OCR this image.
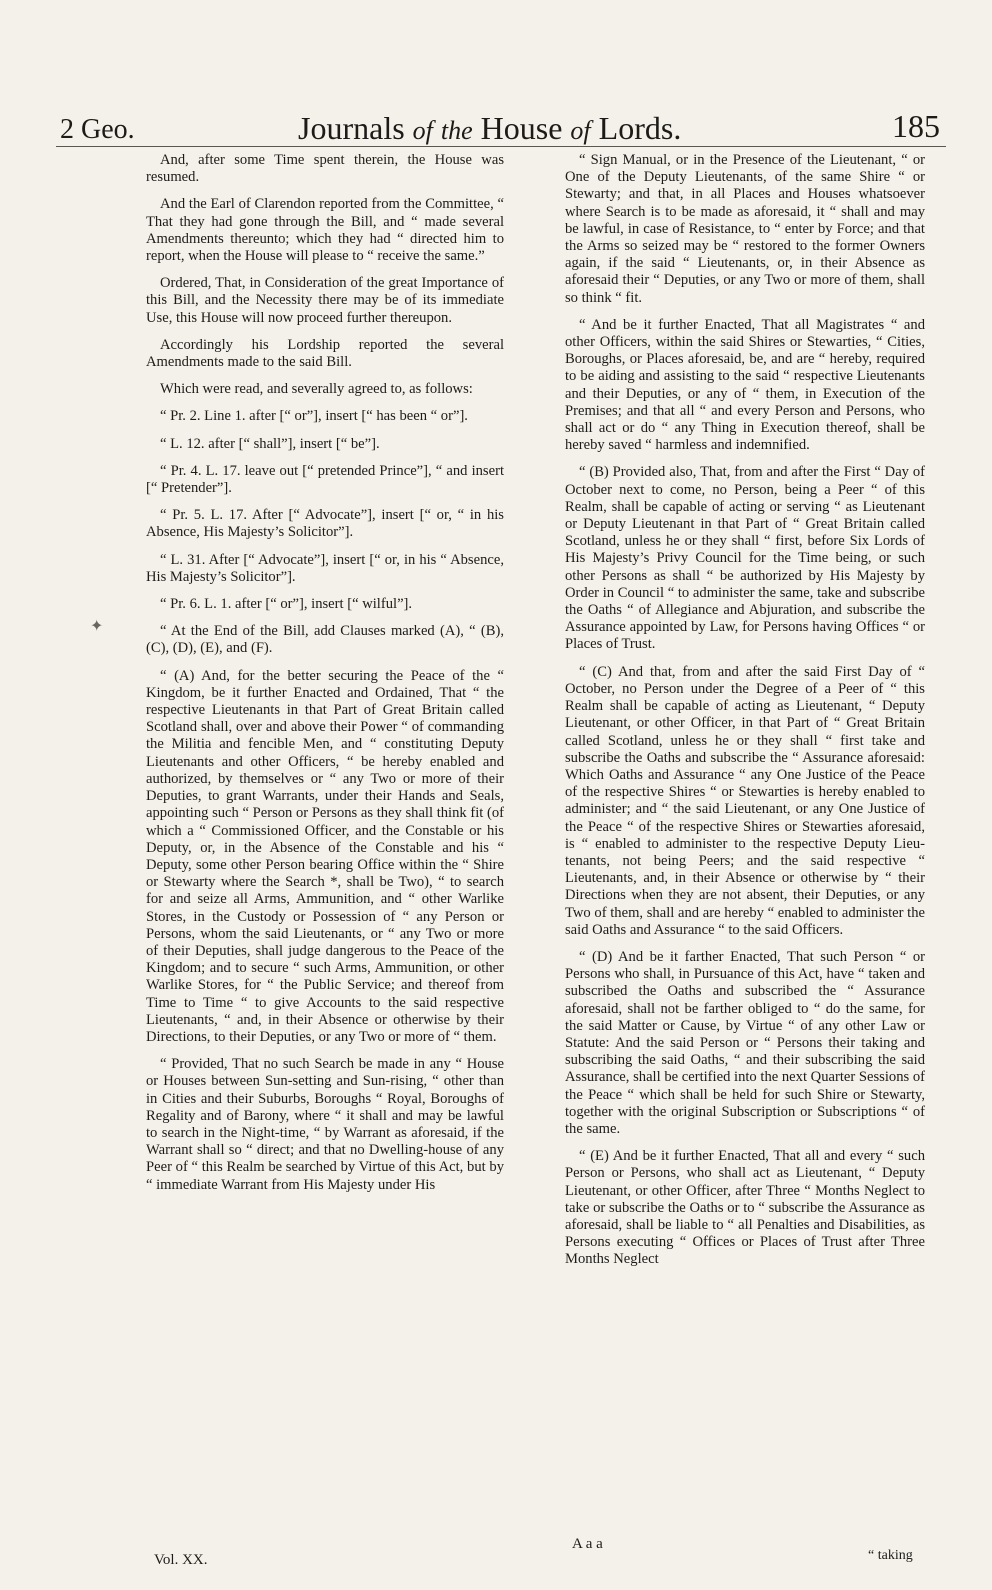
2 Geo.	Journals of the House of Lords.	185

And, after some Time spent therein, the House was resumed.

And the Earl of Clarendon reported from the Committee, “ That they had gone through the Bill, and “ made several Amendments thereunto; which they had “ directed him to report, when the House will please to “ receive the same.”

Ordered, That, in Consideration of the great Importance of this Bill, and the Necessity there may be of its immediate Use, this House will now proceed further thereupon.

Accordingly his Lordship reported the several Amendments made to the said Bill.

Which were read, and severally agreed to, as follows:

“ Pr. 2. Line 1. after [“ or”], insert [“ has been “ or”].

“ L. 12. after [“ shall”], insert [“ be”].

“ Pr. 4. L. 17. leave out [“ pretended Prince”], “ and insert [“ Pretender”].

“ Pr. 5. L. 17. After [“ Advocate”], insert [“ or, “ in his Absence, His Majesty’s Solicitor”].

“ L. 31. After [“ Advocate”], insert [“ or, in his “ Absence, His Majesty’s Solicitor”].

“ Pr. 6. L. 1. after [“ or”], insert [“ wilful”].

“ At the End of the Bill, add Clauses marked (A), “ (B), (C), (D), (E), and (F).

“ (A) And, for the better securing the Peace of the “ Kingdom, be it further Enacted and Ordained, That “ the respective Lieutenants in that Part of Great Britain called Scotland shall, over and above their Power “ of commanding the Militia and fencible Men, and “ constituting Deputy Lieutenants and other Officers, “ be hereby enabled and authorized, by themselves or “ any Two or more of their Deputies, to grant Warrants, under their Hands and Seals, appointing such “ Person or Persons as they shall think fit (of which a “ Commissioned Officer, and the Constable or his Deputy, or, in the Absence of the Constable and his “ Deputy, some other Person bearing Office within the “ Shire or Stewarty where the Search *, shall be Two), “ to search for and seize all Arms, Ammunition, and “ other Warlike Stores, in the Custody or Possession of “ any Person or Persons, whom the said Lieutenants, or “ any Two or more of their Deputies, shall judge dangerous to the Peace of the Kingdom; and to secure “ such Arms, Ammunition, or other Warlike Stores, for “ the Public Service; and thereof from Time to Time “ to give Accounts to the said respective Lieutenants, “ and, in their Absence or otherwise by their Directions, to their Deputies, or any Two or more of “ them.

“ Provided, That no such Search be made in any “ House or Houses between Sun-setting and Sun-rising, “ other than in Cities and their Suburbs, Boroughs “ Royal, Boroughs of Regality and of Barony, where “ it shall and may be lawful to search in the Night-time, “ by Warrant as aforesaid, if the Warrant shall so “ direct; and that no Dwelling-house of any Peer of “ this Realm be searched by Virtue of this Act, but by “ immediate Warrant from His Majesty under His

“ Sign Manual, or in the Presence of the Lieutenant, “ or One of the Deputy Lieutenants, of the same Shire “ or Stewarty; and that, in all Places and Houses whatsoever where Search is to be made as aforesaid, it “ shall and may be lawful, in case of Resistance, to “ enter by Force; and that the Arms so seized may be “ restored to the former Owners again, if the said “ Lieutenants, or, in their Absence as aforesaid their “ Deputies, or any Two or more of them, shall so think “ fit.

“ And be it further Enacted, That all Magistrates “ and other Officers, within the said Shires or Stewarties, “ Cities, Boroughs, or Places aforesaid, be, and are “ hereby, required to be aiding and assisting to the said “ respective Lieutenants and their Deputies, or any of “ them, in Execution of the Premises; and that all “ and every Person and Persons, who shall act or do “ any Thing in Execution thereof, shall be hereby saved “ harmless and indemnified.

“ (B) Provided also, That, from and after the First “ Day of October next to come, no Person, being a Peer “ of this Realm, shall be capable of acting or serving “ as Lieutenant or Deputy Lieutenant in that Part of “ Great Britain called Scotland, unless he or they shall “ first, before Six Lords of His Majesty’s Privy Council for the Time being, or such other Persons as shall “ be authorized by His Majesty by Order in Council “ to administer the same, take and subscribe the Oaths “ of Allegiance and Abjuration, and subscribe the Assurance appointed by Law, for Persons having Offices “ or Places of Trust.

“ (C) And that, from and after the said First Day of “ October, no Person under the Degree of a Peer of “ this Realm shall be capable of acting as Lieutenant, “ Deputy Lieutenant, or other Officer, in that Part of “ Great Britain called Scotland, unless he or they shall “ first take and subscribe the Oaths and subscribe the “ Assurance aforesaid: Which Oaths and Assurance “ any One Justice of the Peace of the respective Shires “ or Stewarties is hereby enabled to administer; and “ the said Lieutenant, or any One Justice of the Peace “ of the respective Shires or Stewarties aforesaid, is “ enabled to administer to the respective Deputy Lieutenants, not being Peers; and the said respective “ Lieutenants, and, in their Absence or otherwise by “ their Directions when they are not absent, their Deputies, or any Two of them, shall and are hereby “ enabled to administer the said Oaths and Assurance “ to the said Officers.

“ (D) And be it farther Enacted, That such Person “ or Persons who shall, in Pursuance of this Act, have “ taken and subscribed the Oaths and subscribed the “ Assurance aforesaid, shall not be farther obliged to “ do the same, for the said Matter or Cause, by Virtue “ of any other Law or Statute: And the said Person or “ Persons their taking and subscribing the said Oaths, “ and their subscribing the said Assurance, shall be certified into the next Quarter Sessions of the Peace “ which shall be held for such Shire or Stewarty, together with the original Subscription or Subscriptions “ of the same.

“ (E) And be it further Enacted, That all and every “ such Person or Persons, who shall act as Lieutenant, “ Deputy Lieutenant, or other Officer, after Three “ Months Neglect to take or subscribe the Oaths or to “ subscribe the Assurance as aforesaid, shall be liable to “ all Penalties and Disabilities, as Persons executing “ Offices or Places of Trust after Three Months Neglect

✦
Vol. XX.
A a a
“ taking
